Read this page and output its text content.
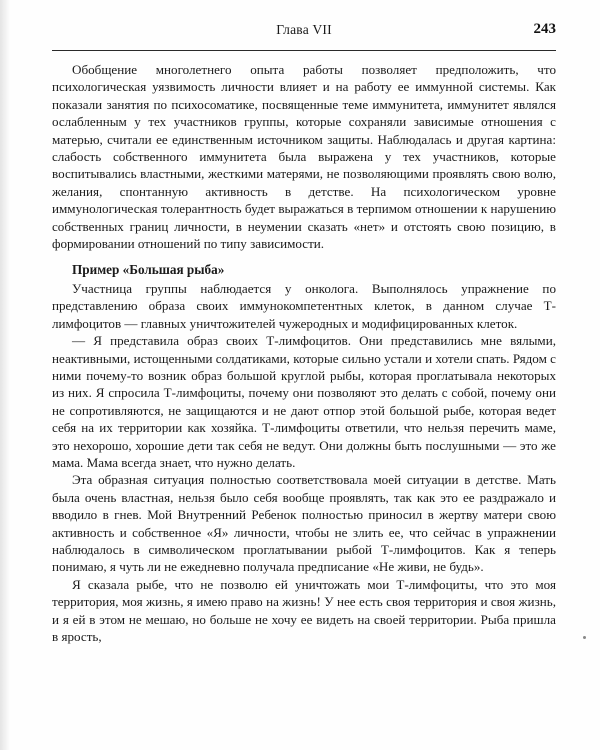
Глава VII	243

Обобщение многолетнего опыта работы позволяет предположить, что психологическая уязвимость личности влияет и на работу ее иммунной системы. Как показали занятия по психосоматике, посвященные теме иммунитета, иммунитет являлся ослабленным у тех участников группы, которые сохраняли зависимые отношения с матерью, считали ее единственным источником защиты. Наблюдалась и другая картина: слабость собственного иммунитета была выражена у тех участников, которые воспитывались властными, жесткими матерями, не позволяющими проявлять свою волю, желания, спонтанную активность в детстве. На психологическом уровне иммунологическая толерантность будет выражаться в терпимом отношении к нарушению собственных границ личности, в неумении сказать «нет» и отстоять свою позицию, в формировании отношений по типу зависимости.

Пример «Большая рыба»

Участница группы наблюдается у онколога. Выполнялось упражнение по представлению образа своих иммунокомпетентных клеток, в данном случае Т-лимфоцитов — главных уничтожителей чужеродных и модифицированных клеток.

— Я представила образ своих Т-лимфоцитов. Они представились мне вялыми, неактивными, истощенными солдатиками, которые сильно устали и хотели спать. Рядом с ними почему-то возник образ большой круглой рыбы, которая проглатывала некоторых из них. Я спросила Т-лимфоциты, почему они позволяют это делать с собой, почему они не сопротивляются, не защищаются и не дают отпор этой большой рыбе, которая ведет себя на их территории как хозяйка. Т-лимфоциты ответили, что нельзя перечить маме, это нехорошо, хорошие дети так себя не ведут. Они должны быть послушными — это же мама. Мама всегда знает, что нужно делать.

Эта образная ситуация полностью соответствовала моей ситуации в детстве. Мать была очень властная, нельзя было себя вообще проявлять, так как это ее раздражало и вводило в гнев. Мой Внутренний Ребенок полностью приносил в жертву матери свою активность и собственное «Я» личности, чтобы не злить ее, что сейчас в упражнении наблюдалось в символическом проглатывании рыбой Т-лимфоцитов. Как я теперь понимаю, я чуть ли не ежедневно получала предписание «Не живи, не будь».

Я сказала рыбе, что не позволю ей уничтожать мои Т-лимфоциты, что это моя территория, моя жизнь, я имею право на жизнь! У нее есть своя территория и своя жизнь, и я ей в этом не мешаю, но больше не хочу ее видеть на своей территории. Рыба пришла в ярость,
